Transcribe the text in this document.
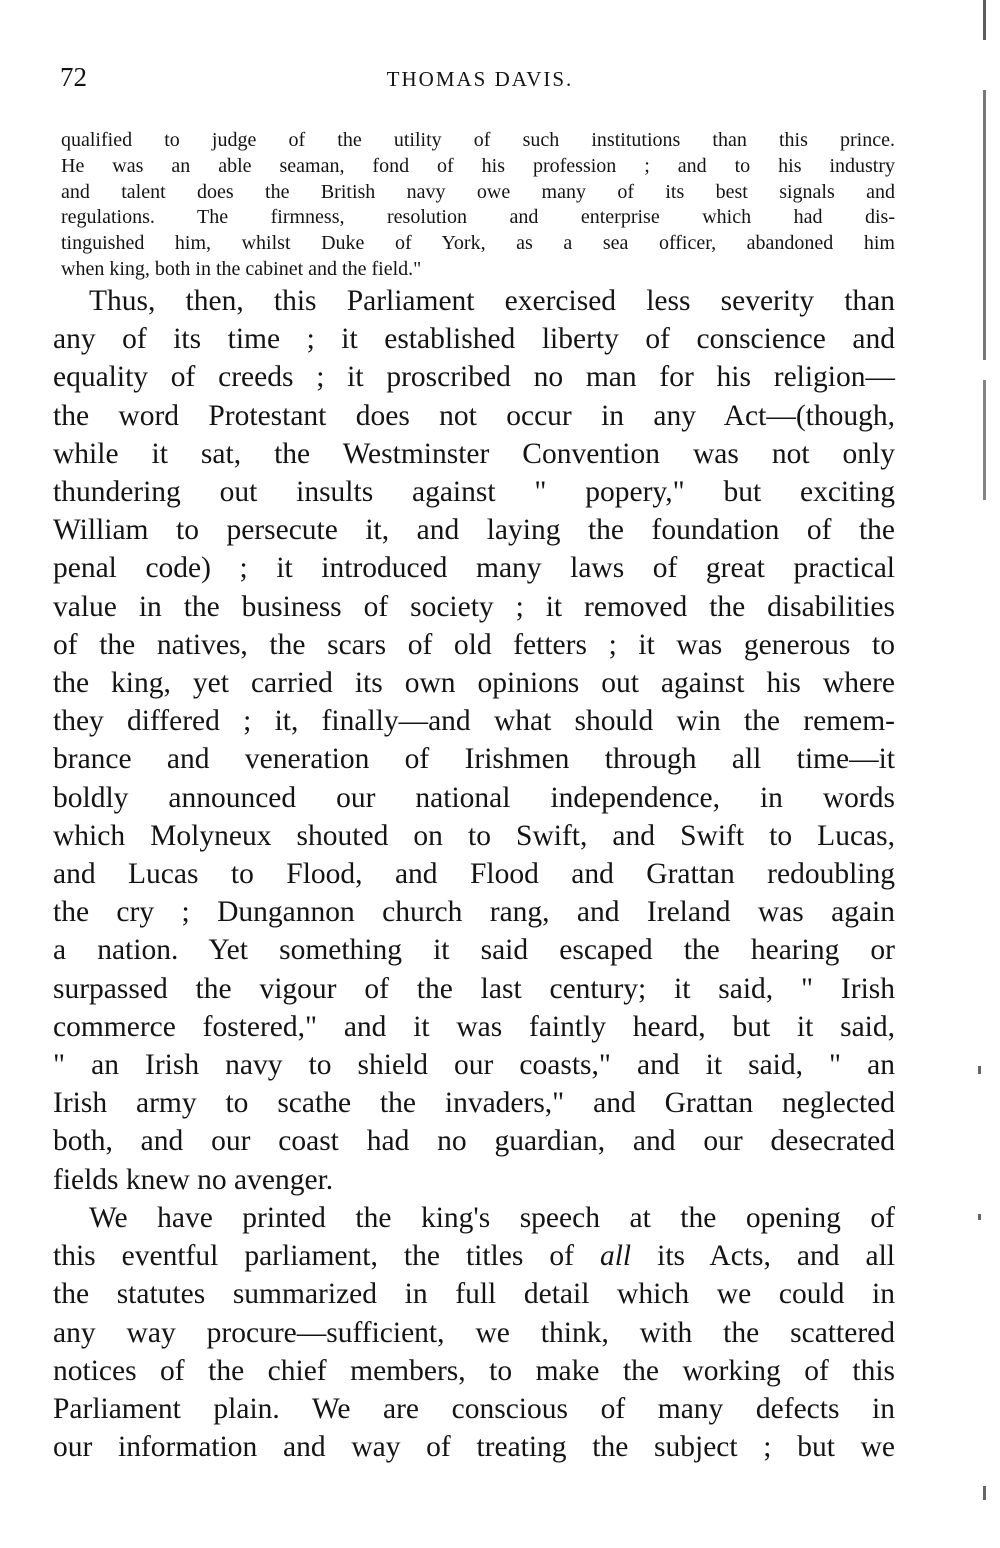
72	THOMAS DAVIS.
qualified to judge of the utility of such institutions than this prince.
He was an able seaman, fond of his profession ; and to his industry
and talent does the British navy owe many of its best signals and
regulations. The firmness, resolution and enterprise which had dis-
tinguished him, whilst Duke of York, as a sea officer, abandoned him
when king, both in the cabinet and the field."
Thus, then, this Parliament exercised less severity than
any of its time ; it established liberty of conscience and
equality of creeds ; it proscribed no man for his religion—
the word Protestant does not occur in any Act—(though,
while it sat, the Westminster Convention was not only
thundering out insults against " popery," but exciting
William to persecute it, and laying the foundation of the
penal code) ; it introduced many laws of great practical
value in the business of society ; it removed the disabilities
of the natives, the scars of old fetters ; it was generous to
the king, yet carried its own opinions out against his where
they differed ; it, finally—and what should win the remem-
brance and veneration of Irishmen through all time—it
boldly announced our national independence, in words
which Molyneux shouted on to Swift, and Swift to Lucas,
and Lucas to Flood, and Flood and Grattan redoubling
the cry ; Dungannon church rang, and Ireland was again
a nation. Yet something it said escaped the hearing or
surpassed the vigour of the last century; it said, " Irish
commerce fostered," and it was faintly heard, but it said,
" an Irish navy to shield our coasts," and it said, " an
Irish army to scathe the invaders," and Grattan neglected
both, and our coast had no guardian, and our desecrated
fields knew no avenger.
We have printed the king's speech at the opening of
this eventful parliament, the titles of all its Acts, and all
the statutes summarized in full detail which we could in
any way procure—sufficient, we think, with the scattered
notices of the chief members, to make the working of this
Parliament plain. We are conscious of many defects in
our information and way of treating the subject ; but we
